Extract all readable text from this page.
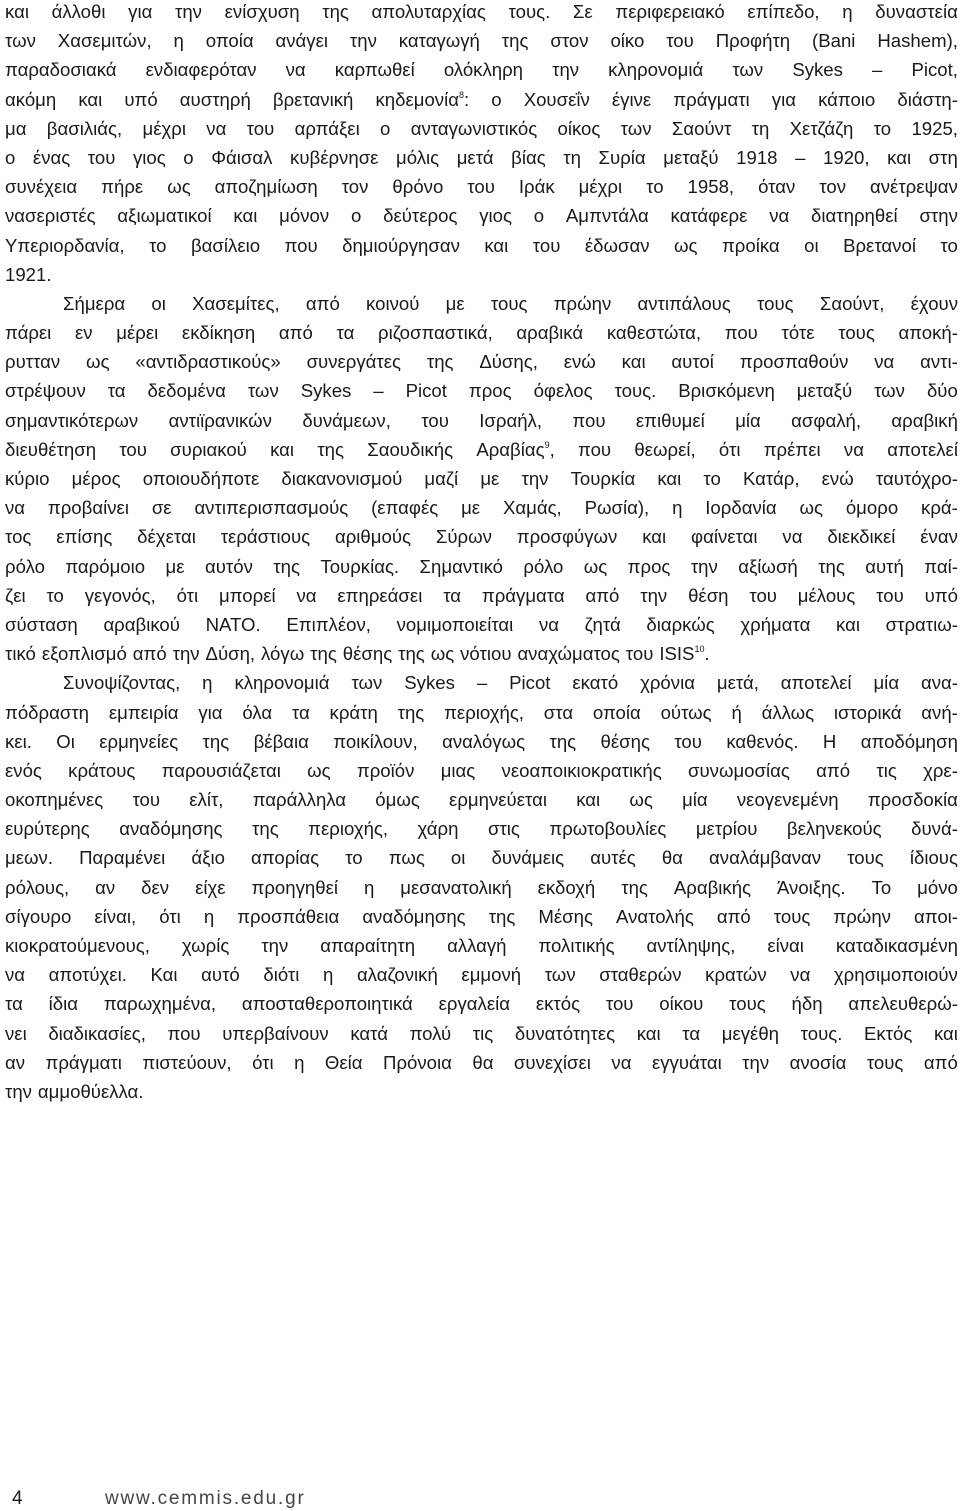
και άλλοθι για την ενίσχυση της απολυταρχίας τους. Σε περιφερειακό επίπεδο, η δυναστεία
των Χασεμιτών, η οποία ανάγει την καταγωγή της στον οίκο του Προφήτη (Bani Hashem),
παραδοσιακά ενδιαφερόταν να καρπωθεί ολόκληρη την κληρονομιά των Sykes – Picot,
ακόμη και υπό αυστηρή βρετανική κηδεμονία$^8$: ο Χουσεΐν έγινε πράγματι για κάποιο διάστη-
μα βασιλιάς, μέχρι να του αρπάξει ο ανταγωνιστικός οίκος των Σαούντ τη Χετζάζη το 1925,
ο ένας του γιος ο Φάισαλ κυβέρνησε μόλις μετά βίας τη Συρία μεταξύ 1918 – 1920, και στη
συνέχεια πήρε ως αποζημίωση τον θρόνο του Ιράκ μέχρι το 1958, όταν τον ανέτρεψαν
νασεριστές αξιωματικοί και μόνον ο δεύτερος γιος ο Αμπντάλα κατάφερε να διατηρηθεί στην
Υπεριορδανία, το βασίλειο που δημιούργησαν και του έδωσαν ως προίκα οι Βρετανοί το
1921.
Σήμερα οι Χασεμίτες, από κοινού με τους πρώην αντιπάλους τους Σαούντ, έχουν
πάρει εν μέρει εκδίκηση από τα ριζοσπαστικά, αραβικά καθεστώτα, που τότε τους αποκή-
ρυτταν ως «αντιδραστικούς» συνεργάτες της Δύσης, ενώ και αυτοί προσπαθούν να αντι-
στρέψουν τα δεδομένα των Sykes – Picot προς όφελος τους. Βρισκόμενη μεταξύ των δύο
σημαντικότερων αντιϊρανικών δυνάμεων, του Ισραήλ, που επιθυμεί μία ασφαλή, αραβική
διευθέτηση του συριακού και της Σαουδικής Αραβίας$^9$, που θεωρεί, ότι πρέπει να αποτελεί
κύριο μέρος οποιουδήποτε διακανονισμού μαζί με την Τουρκία και το Κατάρ, ενώ ταυτόχρο-
να προβαίνει σε αντιπερισπασμούς (επαφές με Χαμάς, Ρωσία), η Ιορδανία ως όμορο κρά-
τος επίσης δέχεται τεράστιους αριθμούς Σύρων προσφύγων και φαίνεται να διεκδικεί έναν
ρόλο παρόμοιο με αυτόν της Τουρκίας. Σημαντικό ρόλο ως προς την αξίωσή της αυτή παί-
ζει το γεγονός, ότι μπορεί να επηρεάσει τα πράγματα από την θέση του μέλους του υπό
σύσταση αραβικού ΝΑΤΟ. Επιπλέον, νομιμοποιείται να ζητά διαρκώς χρήματα και στρατιω-
τικό εξοπλισμό από την Δύση, λόγω της θέσης της ως νότιου αναχώματος του ISIS$^{10}$.
Συνοψίζοντας, η κληρονομιά των Sykes – Picot εκατό χρόνια μετά, αποτελεί μία ανα-
πόδραστη εμπειρία για όλα τα κράτη της περιοχής, στα οποία ούτως ή άλλως ιστορικά ανή-
κει. Οι ερμηνείες της βέβαια ποικίλουν, αναλόγως της θέσης του καθενός. Η αποδόμηση
ενός κράτους παρουσιάζεται ως προϊόν μιας νεοαποικιοκρατικής συνωμοσίας από τις χρε-
οκοπημένες του ελίτ, παράλληλα όμως ερμηνεύεται και ως μία νεογενεμένη προσδοκία
ευρύτερης αναδόμησης της περιοχής, χάρη στις πρωτοβουλίες μετρίου βεληνεκούς δυνά-
μεων. Παραμένει άξιο απορίας το πως οι δυνάμεις αυτές θα αναλάμβαναν τους ίδιους
ρόλους, αν δεν είχε προηγηθεί η μεσανατολική εκδοχή της Αραβικής Άνοιξης. Το μόνο
σίγουρο είναι, ότι η προσπάθεια αναδόμησης της Μέσης Ανατολής από τους πρώην αποι-
κιοκρατούμενους, χωρίς την απαραίτητη αλλαγή πολιτικής αντίληψης, είναι καταδικασμένη
να αποτύχει. Και αυτό διότι η αλαζονική εμμονή των σταθερών κρατών να χρησιμοποιούν
τα ίδια παρωχημένα, αποσταθεροποιητικά εργαλεία εκτός του οίκου τους ήδη απελευθερώ-
νει διαδικασίες, που υπερβαίνουν κατά πολύ τις δυνατότητες και τα μεγέθη τους. Εκτός και
αν πράγματι πιστεύουν, ότι η Θεία Πρόνοια θα συνεχίσει να εγγυάται την ανοσία τους από
την αμμοθύελλα.
4	www.cemmis.edu.gr
